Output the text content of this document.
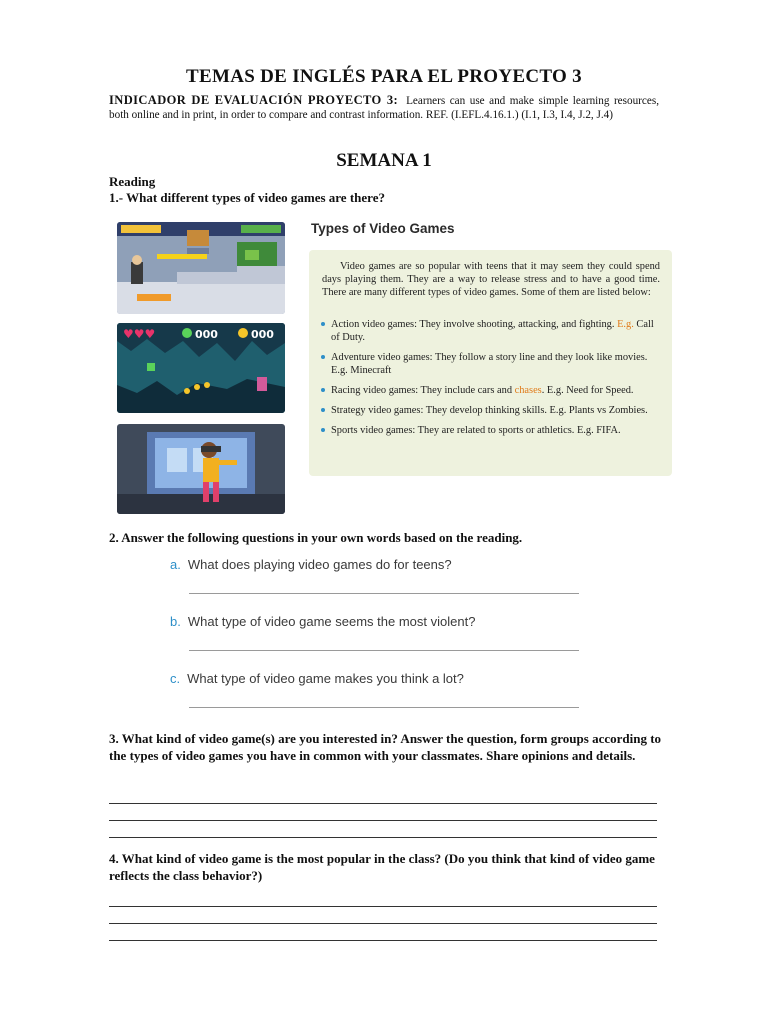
TEMAS DE INGLÉS PARA EL PROYECTO 3
INDICADOR DE EVALUACIÓN PROYECTO 3: Learners can use and make simple learning resources, both online and in print, in order to compare and contrast information. REF. (I.EFL.4.16.1.) (I.1, I.3, I.4, J.2, J.4)
SEMANA 1
Reading
1.- What different types of video games are there?
♥♥♥	000	000
Types of Video Games
Video games are so popular with teens that it may seem they could spend days playing them. They are a way to release stress and to have a good time. There are many different types of video games. Some of them are listed below:
Action video games: They involve shooting, attacking, and fighting. E.g. Call of Duty.
Adventure video games: They follow a story line and they look like movies. E.g. Minecraft
Racing video games: They include cars and chases. E.g. Need for Speed.
Strategy video games: They develop thinking skills. E.g. Plants vs Zombies.
Sports video games: They are related to sports or athletics. E.g. FIFA.
2. Answer the following questions in your own words based on the reading.
a. What does playing video games do for teens?
b. What type of video game seems the most violent?
c. What type of video game makes you think a lot?
3. What kind of video game(s) are you interested in? Answer the question, form groups according to the types of video games you have in common with your classmates. Share opinions and details.
4. What kind of video game is the most popular in the class? (Do you think that kind of video game reflects the class behavior?)
